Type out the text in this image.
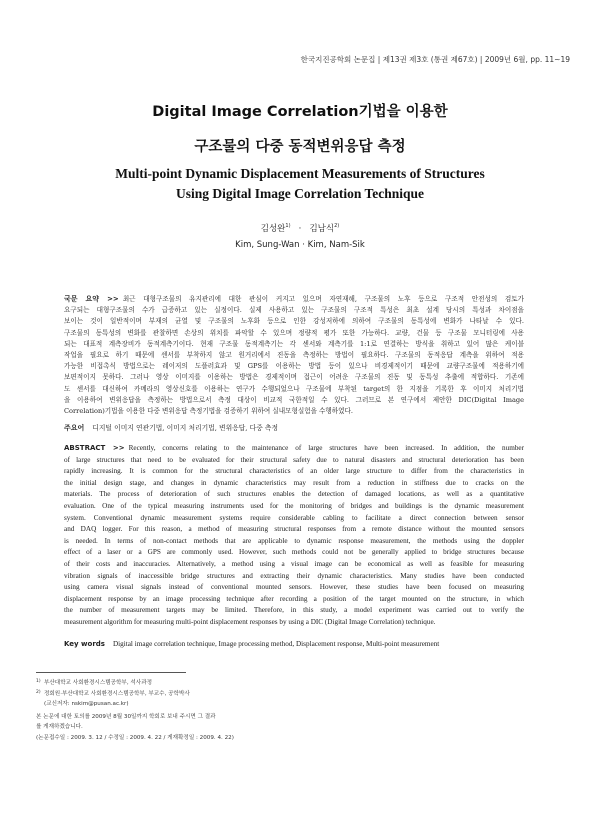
한국지진공학회 논문집 | 제13권 제3호 (통권 제67호) | 2009년 6월, pp. 11~19
Digital Image Correlation기법을 이용한
구조물의 다중 동적변위응답 측정
Multi-point Dynamic Displacement Measurements of Structures
Using Digital Image Correlation Technique
김성완$^{1)}$ · 김남식$^{2)}$
Kim, Sung-Wan · Kim, Nam-Sik
국문 요약 >> 최근 대형구조물의 유지관리에 대한 관심이 커지고 있으며 자연재해, 구조물의 노후 등으로 구조적 안전성의 검토가
요구되는 대형구조물의 수가 급증하고 있는 실정이다. 실제 사용하고 있는 구조물의 구조적 특성은 최초 설계 당시의 특성과 차이점을
보이는 것이 일반적이며 부재의 균열 및 구조물의 노후화 등으로 인한 강성저하에 의하여 구조물의 동특성에 변화가 나타날 수 있다.
구조물의 동특성의 변화를 관찰하면 손상의 위치를 파악할 수 있으며 정량적 평가 또한 가능하다. 교량, 건물 등 구조물 모니터링에 사용
되는 대표적 계측장비가 동적계측기이다. 현재 구조물 동적계측기는 각 센서와 계측기를 1:1로 연결하는 방식을 취하고 있어 많은 케이블
작업을 필요로 하기 때문에 센서를 부착하지 않고 원거리에서 진동을 측정하는 방법이 필요하다. 구조물의 동적응답 계측을 위하여 적용
가능한 비접촉식 방법으로는 레이저의 도플러효과 및 GPS를 이용하는 방법 등이 있으나 비경제적이기 때문에 교량구조물에 적용하기에
보편적이지 못하다. 그러나 영상 이미지를 이용하는 방법은 경제적이며 접근이 어려운 구조물의 진동 및 동특성 추출에 적합하다. 기존에
도 센서를 대신하여 카메라의 영상신호를 이용하는 연구가 수행되었으나 구조물에 부착된 target의 한 지점을 기록한 후 이미지 처리기법
을 이용하여 변위응답을 측정하는 방법으로서 측정 대상이 비교적 국한적일 수 있다. 그러므로 본 연구에서 제안한 DIC(Digital Image
Correlation)기법을 이용한 다중 변위응답 측정기법을 검증하기 위하여 실내모형실험을 수행하였다.
주요어 디지털 이미지 연관기법, 이미지 처리기법, 변위응답, 다중 측정
ABSTRACT >> Recently, concerns relating to the maintenance of large structures have been increased. In addition, the number
of large structures that need to be evaluated for their structural safety due to natural disasters and structural deterioration has been
rapidly increasing. It is common for the structural characteristics of an older large structure to differ from the characteristics in
the initial design stage, and changes in dynamic characteristics may result from a reduction in stiffness due to cracks on the
materials. The process of deterioration of such structures enables the detection of damaged locations, as well as a quantitative
evaluation. One of the typical measuring instruments used for the monitoring of bridges and buildings is the dynamic measurement
system. Conventional dynamic measurement systems require considerable cabling to facilitate a direct connection between sensor
and DAQ logger. For this reason, a method of measuring structural responses from a remote distance without the mounted sensors
is needed. In terms of non-contact methods that are applicable to dynamic response measurement, the methods using the doppler
effect of a laser or a GPS are commonly used. However, such methods could not be generally applied to bridge structures because
of their costs and inaccuracies. Alternatively, a method using a visual image can be economical as well as feasible for measuring
vibration signals of inaccessible bridge structures and extracting their dynamic characteristics. Many studies have been conducted
using camera visual signals instead of conventional mounted sensors. However, these studies have been focused on measuring
displacement response by an image processing technique after recording a position of the target mounted on the structure, in which
the number of measurement targets may be limited. Therefore, in this study, a model experiment was carried out to verify the
measurement algorithm for measuring multi-point displacement responses by using a DIC (Digital Image Correlation) technique.
Key words Digital image correlation technique, Image processing method, Displacement response, Multi-point measurement
1) 부산대학교 사회환경시스템공학부, 석사과정
2) 정회원·부산대학교 사회환경시스템공학부, 부교수, 공학박사
(교신저자: nskim@pusan.ac.kr)
본 논문에 대한 토의를 2009년 8월 30일까지 학회로 보내 주시면 그 결과
를 게재하겠습니다.
(논문접수일 : 2009. 3. 12 / 수정일 : 2009. 4. 22 / 게재확정일 : 2009. 4. 22)
